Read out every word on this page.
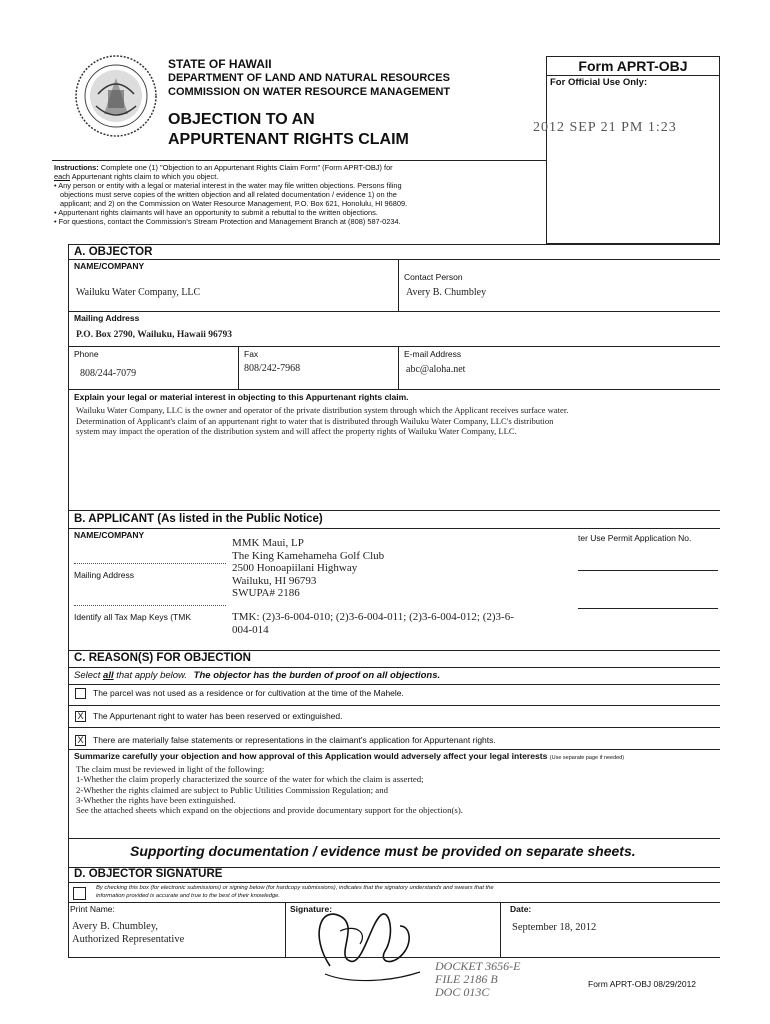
STATE OF HAWAII
DEPARTMENT OF LAND AND NATURAL RESOURCES
COMMISSION ON WATER RESOURCE MANAGEMENT
OBJECTION TO AN
APPURTENANT RIGHTS CLAIM
Form APRT-OBJ
For Official Use Only:
2012 SEP 21 PM 1:23
Instructions: Complete one (1) "Objection to an Appurtenant Rights Claim Form" (Form APRT-OBJ) for
each Appurtenant rights claim to which you object.
• Any person or entity with a legal or material interest in the water may file written objections. Persons filing
objections must serve copies of the written objection and all related documentation / evidence 1) on the
applicant; and 2) on the Commission on Water Resource Management, P.O. Box 621, Honolulu, HI 96809.
• Appurtenant rights claimants will have an opportunity to submit a rebuttal to the written objections.
• For questions, contact the Commission's Stream Protection and Management Branch at (808) 587-0234.
A. OBJECTOR
NAME/COMPANY
Wailuku Water Company, LLC
Contact Person
Avery B. Chumbley
Mailing Address
P.O. Box 2790, Wailuku, Hawaii 96793
Phone
808/244-7079
Fax
808/242-7968
E-mail Address
abc@aloha.net
Explain your legal or material interest in objecting to this Appurtenant rights claim.
Wailuku Water Company, LLC is the owner and operator of the private distribution system through which the Applicant receives surface water.
Determination of Applicant's claim of an appurtenant right to water that is distributed through Wailuku Water Company, LLC's distribution
system may impact the operation of the distribution system and will affect the property rights of Wailuku Water Company, LLC.
B. APPLICANT (As listed in the Public Notice)
NAME/COMPANY	ter Use Permit Application No.
MMK Maui, LP
The King Kamehameha Golf Club
Mailing Address
2500 Honoapiilani Highway
Wailuku, HI 96793
SWUPA# 2186
Identify all Tax Map Keys (TMK	TMK: (2)3-6-004-010; (2)3-6-004-011; (2)3-6-004-012; (2)3-6-
004-014
C. REASON(S) FOR OBJECTION
Select all that apply below. The objector has the burden of proof on all objections.
The parcel was not used as a residence or for cultivation at the time of the Mahele.
X The Appurtenant right to water has been reserved or extinguished.
X There are materially false statements or representations in the claimant's application for Appurtenant rights.
Summarize carefully your objection and how approval of this Application would adversely affect your legal interests (Use separate page if needed)
The claim must be reviewed in light of the following:
1-Whether the claim properly characterized the source of the water for which the claim is asserted;
2-Whether the rights claimed are subject to Public Utilities Commission Regulation; and
3-Whether the rights have been extinguished.
See the attached sheets which expand on the objections and provide documentary support for the objection(s).
Supporting documentation / evidence must be provided on separate sheets.
D. OBJECTOR SIGNATURE
By checking this box (for electronic submissions) or signing below (for hardcopy submissions), indicates that the signatory understands and swears that the
information provided is accurate and true to the best of their knowledge.
Print Name:
Avery B. Chumbley,
Authorized Representative
Signature:	Date:
September 18, 2012
DOCKET 3656-E
FILE 2186 B
DOC 013C
Form APRT-OBJ 08/29/2012
